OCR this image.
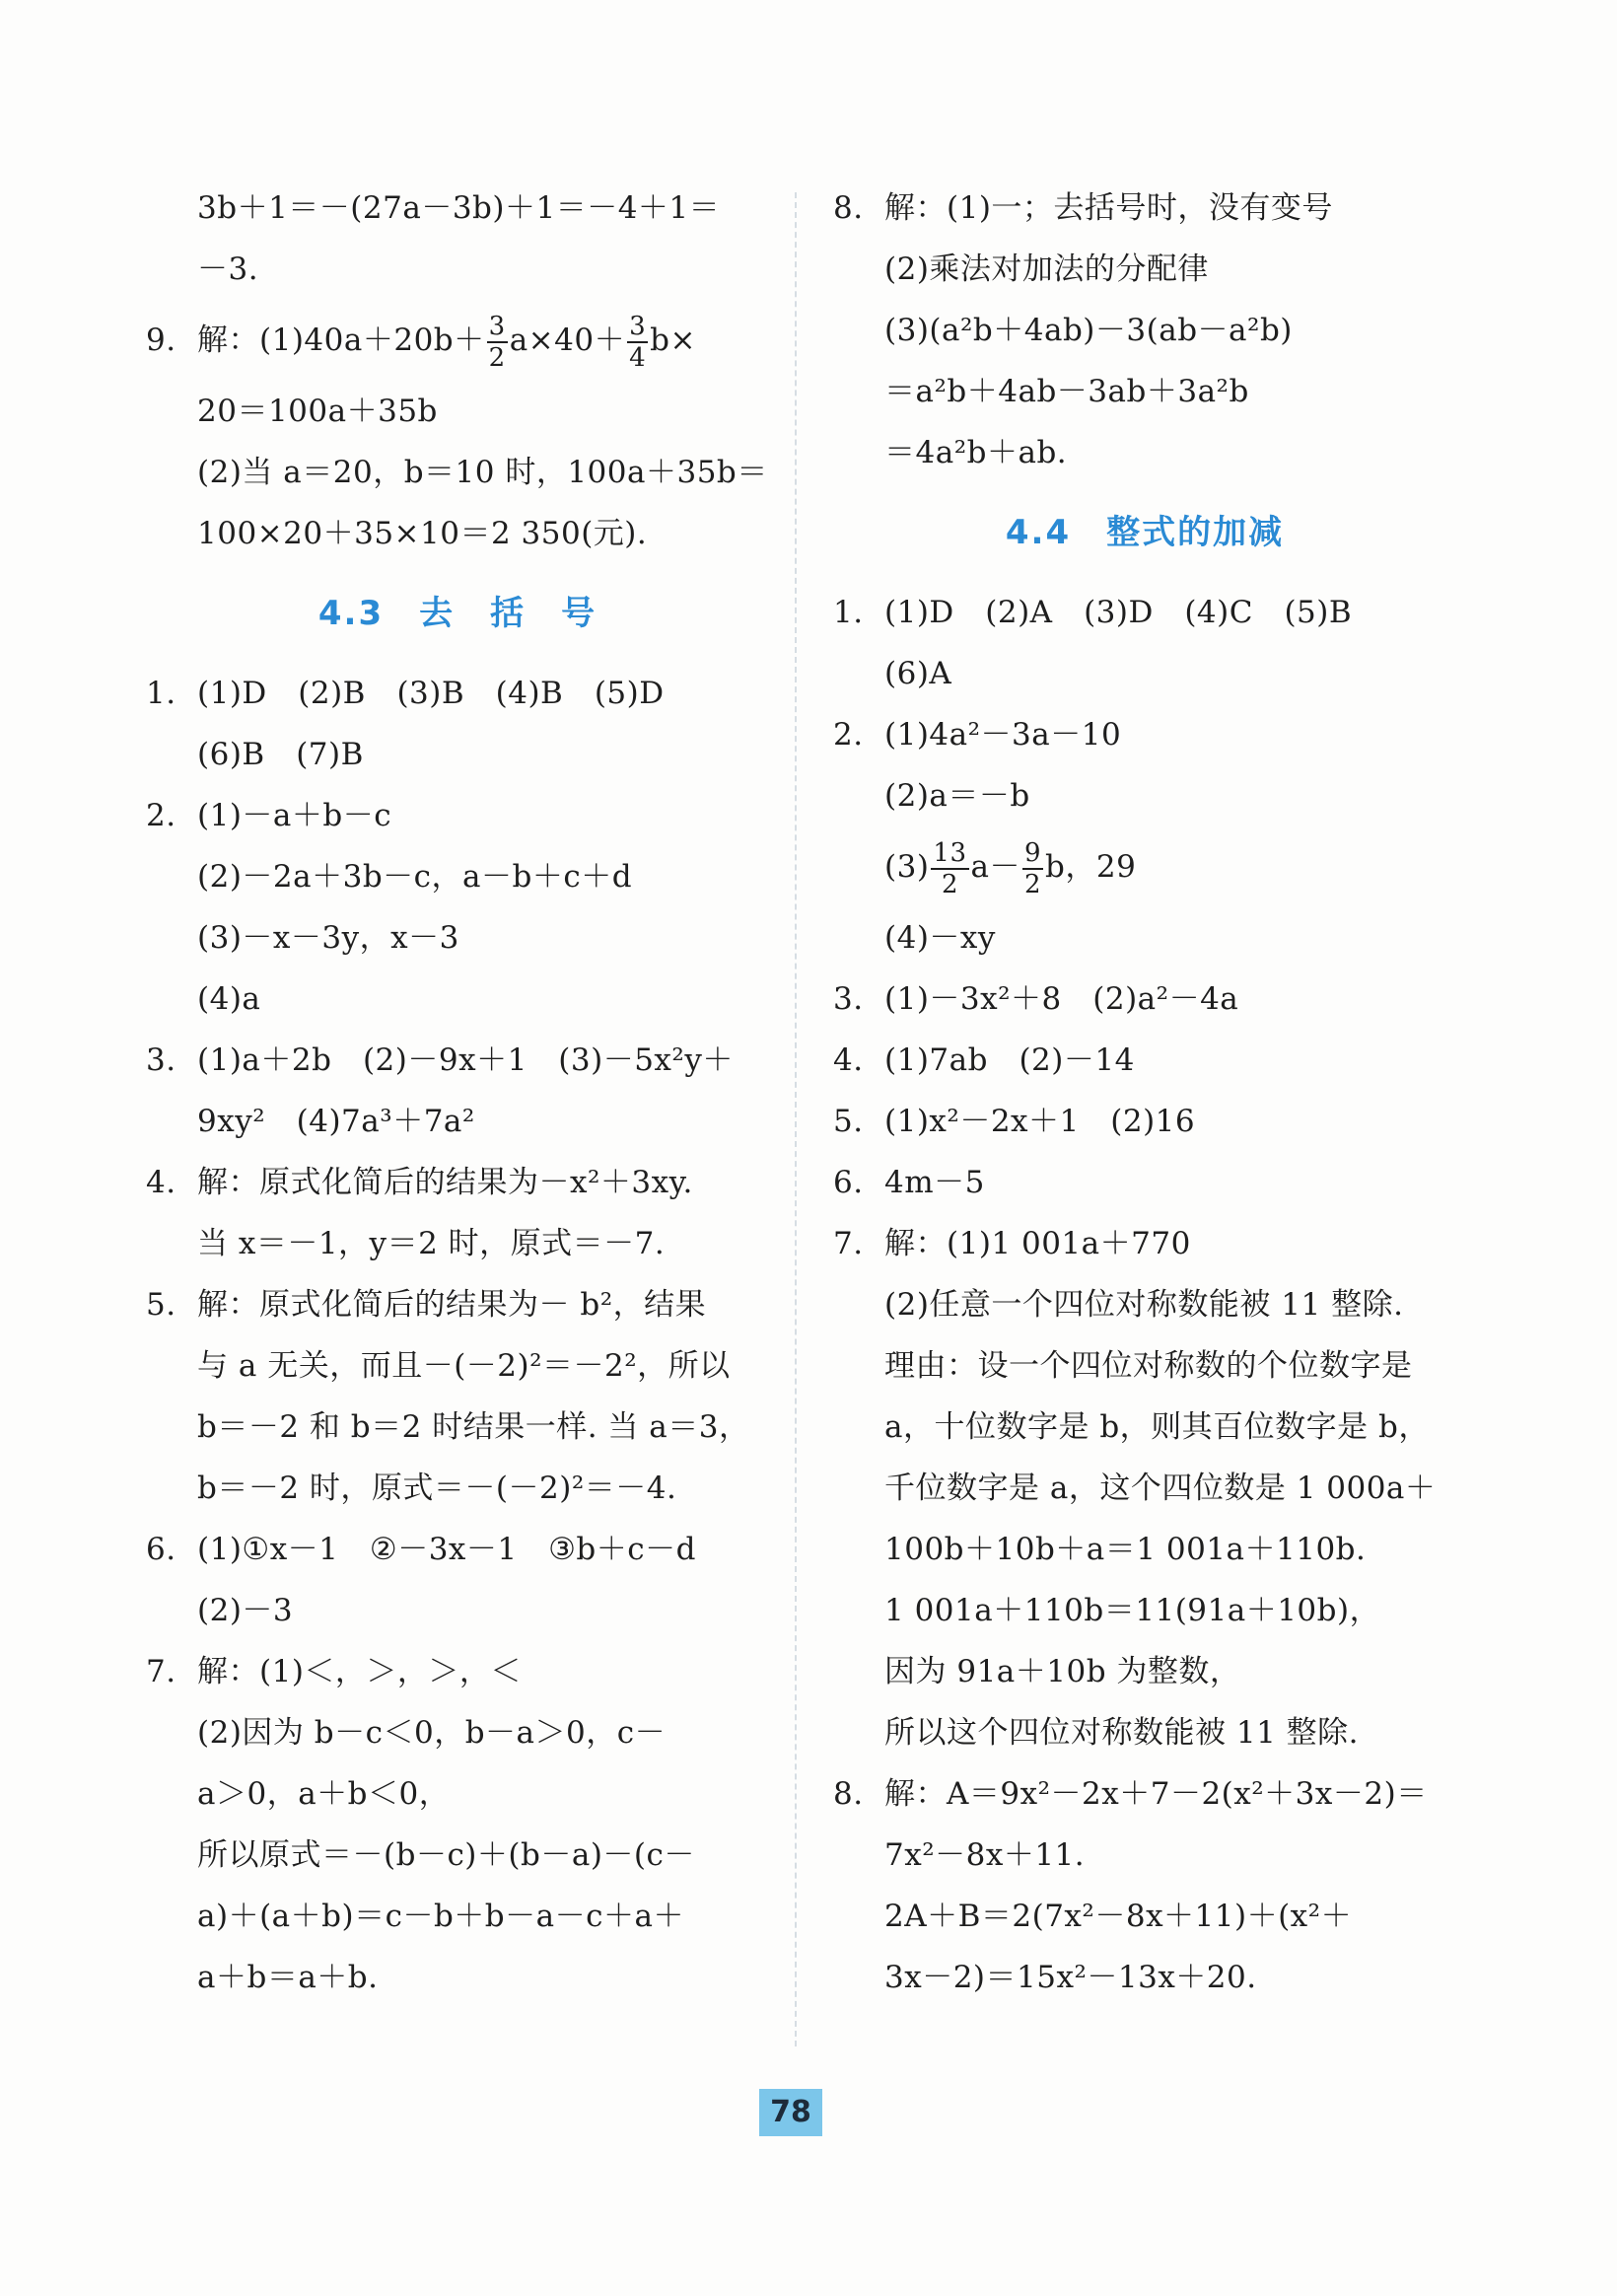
3b＋1＝－(27a－3b)＋1＝－4＋1＝
－3.
9. 解：$(1)40a+20b+ \frac{3}{2} a\times 40+ \frac{3}{4} b\times$
20＝100a＋35b
(2)当 a＝20，b＝10 时，100a＋35b＝
100×20＋35×10＝2 350(元).
4.3　去　括　号
1. (1)D　(2)B　(3)B　(4)B　(5)D
(6)B　(7)B
2. (1)－a＋b－c
(2)－2a＋3b－c，a－b＋c＋d
(3)－x－3y，x－3
(4)a
3. (1)a＋2b　(2)－9x＋1　(3)－5x²y＋
9xy²　(4)7a³＋7a²
4. 解：原式化简后的结果为－x²＋3xy.
当 x＝－1，y＝2 时，原式＝－7.
5. 解：原式化简后的结果为－ b²，结果
与 a 无关，而且－(－2)²＝－2²，所以
b＝－2 和 b＝2 时结果一样. 当 a＝3，
b＝－2 时，原式＝－(－2)²＝－4.
6. (1)①x－1　②－3x－1　③b＋c－d
(2)－3
7. 解：(1)＜，＞，＞，＜
(2)因为 b－c＜0，b－a＞0，c－
a＞0，a＋b＜0，
所以原式＝－(b－c)＋(b－a)－(c－
a)＋(a＋b)＝c－b＋b－a－c＋a＋
a＋b＝a＋b.
8. 解：(1)一；去括号时，没有变号
(2)乘法对加法的分配律
(3)(a²b＋4ab)－3(ab－a²b)
＝a²b＋4ab－3ab＋3a²b
＝4a²b＋ab.
4.4　整式的加减
1. (1)D　(2)A　(3)D　(4)C　(5)B
(6)A
2. (1)4a²－3a－10
(2)a＝－b
$(3) \frac{13}{2} a- \frac{9}{2}$ b，29
(4)－xy
3. (1)－3x²＋8　(2)a²－4a
4. (1)7ab　(2)－14
5. (1)x²－2x＋1　(2)16
6. 4m－5
7. 解：(1)1 001a＋770
(2)任意一个四位对称数能被 11 整除.
理由：设一个四位对称数的个位数字是
a，十位数字是 b，则其百位数字是 b，
千位数字是 a，这个四位数是 1 000a＋
100b＋10b＋a＝1 001a＋110b.
1 001a＋110b＝11(91a＋10b)，
因为 91a＋10b 为整数，
所以这个四位对称数能被 11 整除.
8. 解：A＝9x²－2x＋7－2(x²＋3x－2)＝
7x²－8x＋11.
2A＋B＝2(7x²－8x＋11)＋(x²＋
3x－2)＝15x²－13x＋20.
78
